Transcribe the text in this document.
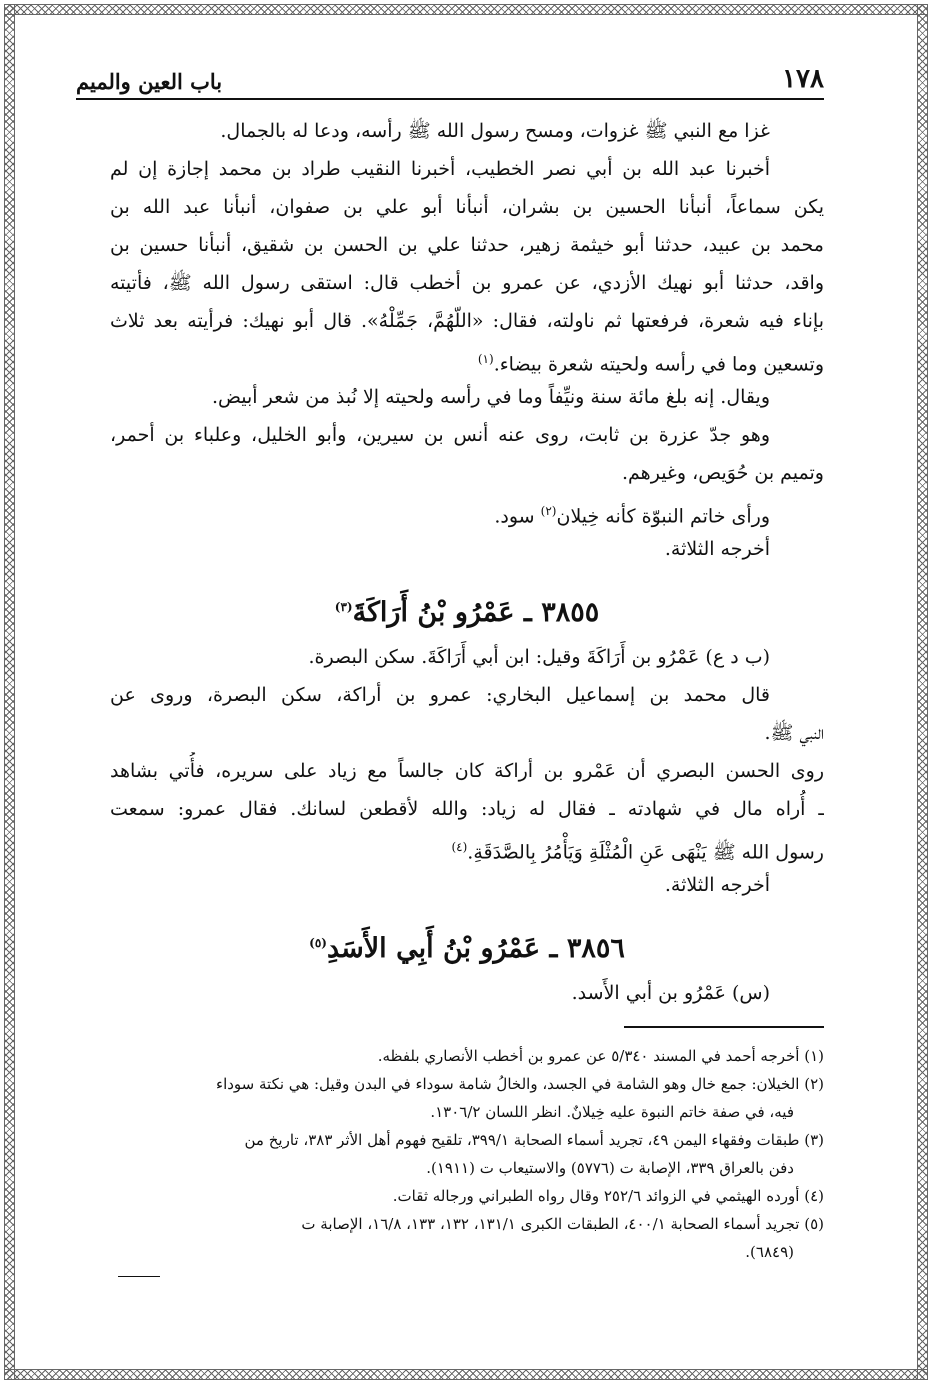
١٧٨
باب العين والميم
غزا مع النبي ﷺ غزوات، ومسح رسول الله ﷺ رأسه، ودعا له بالجمال.
أخبرنا عبد الله بن أبي نصر الخطيب، أخبرنا النقيب طراد بن محمد إجازة إن لم
يكن سماعاً، أنبأنا الحسين بن بشران، أنبأنا أبو علي بن صفوان، أنبأنا عبد الله بن
محمد بن عبيد، حدثنا أبو خيثمة زهير، حدثنا علي بن الحسن بن شقيق، أنبأنا حسين بن
واقد، حدثنا أبو نهيك الأزدي، عن عمرو بن أخطب قال: استقى رسول الله ﷺ، فأتيته
بإناء فيه شعرة، فرفعتها ثم ناولته، فقال: «اللّهُمَّ، جَمِّلْهُ». قال أبو نهيك: فرأيته بعد ثلاث
وتسعين وما في رأسه ولحيته شعرة بيضاء.$^{(١)}$
ويقال. إنه بلغ مائة سنة ونيِّفاً وما في رأسه ولحيته إلا نُبذ من شعر أبيض.
وهو جدّ عزرة بن ثابت، روى عنه أنس بن سيرين، وأبو الخليل، وعلباء بن أحمر،
وتميم بن حُوَيص، وغيرهم.
ورأى خاتم النبوّة كأنه خِيلان$^{(٢)}$ سود.
أخرجه الثلاثة.
٣٨٥٥ ـ عَمْرُو بْنُ أَرَاكَةَ$^{(٣)}$
(ب د ع) عَمْرُو بن أَرَاكَةَ وقيل: ابن أبي أَرَاكَةَ. سكن البصرة.
قال محمد بن إسماعيل البخاري: عمرو بن أراكة، سكن البصرة، وروى عن
النبي ﷺ.
روى الحسن البصري أن عَمْرو بن أراكة كان جالساً مع زياد على سريره، فأُتي بشاهد
ـ أُراه مال في شهادته ـ فقال له زياد: والله لأقطعن لسانك. فقال عمرو: سمعت
رسول الله ﷺ يَنْهَى عَنِ الْمُثْلَةِ وَيَأْمُرُ بِالصَّدَقَةِ.$^{(٤)}$
أخرجه الثلاثة.
٣٨٥٦ ـ عَمْرُو بْنُ أَبِي الأَسَدِ$^{(٥)}$
(س) عَمْرُو بن أبي الأَسد.
(١) أخرجه أحمد في المسند ٥/٣٤٠ عن عمرو بن أخطب الأنصاري بلفظه.
(٢) الخيلان: جمع خال وهو الشامة في الجسد، والخالُ شامة سوداء في البدن وقيل: هي نكتة سوداء
فيه، في صفة خاتم النبوة عليه خِيلانٌ. انظر اللسان ١٣٠٦/٢.
(٣) طبقات وفقهاء اليمن ٤٩، تجريد أسماء الصحابة ٣٩٩/١، تلقيح فهوم أهل الأثر ٣٨٣، تاريخ من
دفن بالعراق ٣٣٩، الإصابة ت (٥٧٧٦) والاستيعاب ت (١٩١١).
(٤) أورده الهيثمي في الزوائد ٢٥٢/٦ وقال رواه الطبراني ورجاله ثقات.
(٥) تجريد أسماء الصحابة ٤٠٠/١، الطبقات الكبرى ١٣١/١، ١٣٢، ١٣٣، ١٦/٨، الإصابة ت
(٦٨٤٩).
